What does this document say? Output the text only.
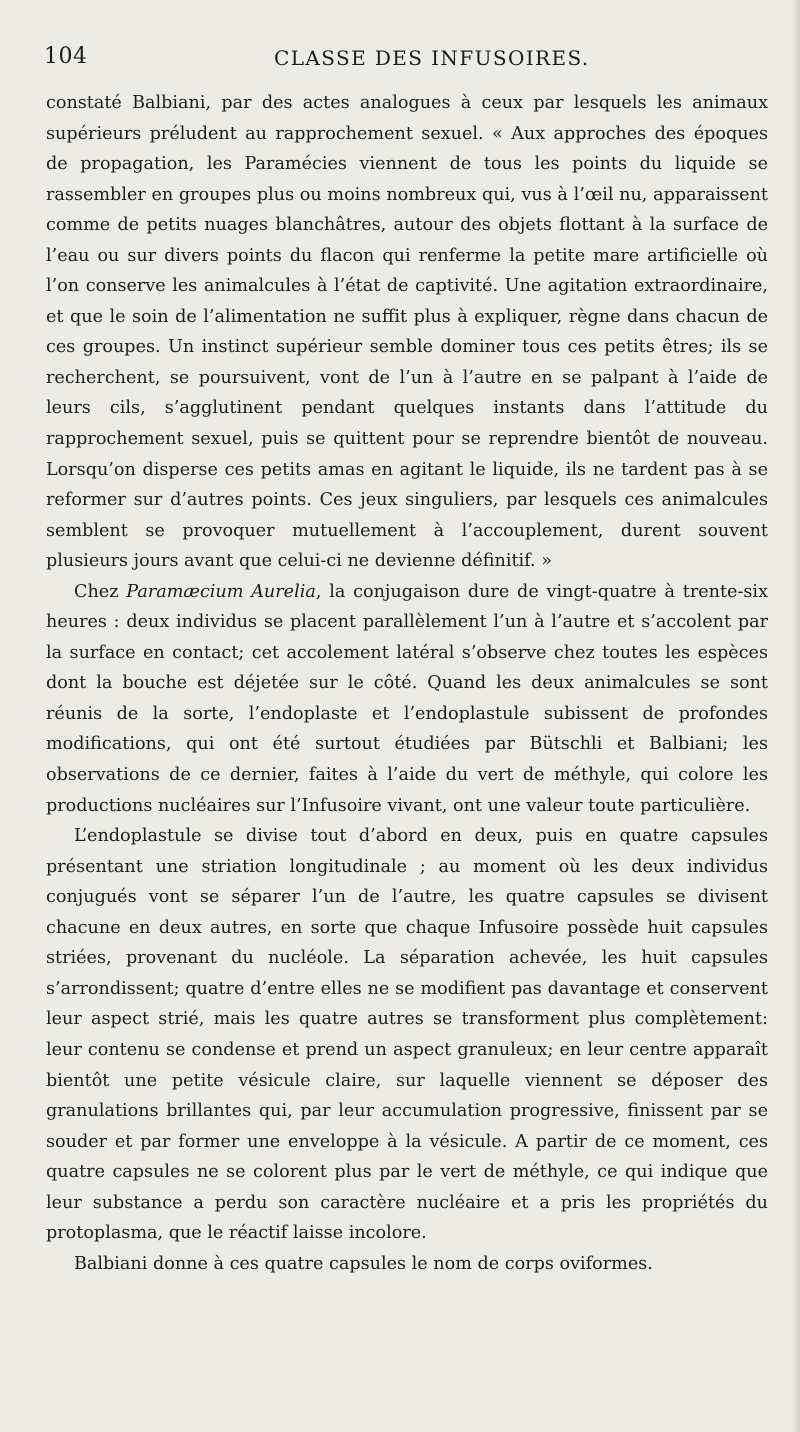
104	CLASSE DES INFUSOIRES.

constaté Balbiani, par des actes analogues à ceux par lesquels les animaux supérieurs préludent au rapprochement sexuel. « Aux approches des époques de propagation, les Paramécies viennent de tous les points du liquide se rassembler en groupes plus ou moins nombreux qui, vus à l’œil nu, apparaissent comme de petits nuages blanchâtres, autour des objets flottant à la surface de l’eau ou sur divers points du flacon qui renferme la petite mare artificielle où l’on conserve les animalcules à l’état de captivité. Une agitation extraordinaire, et que le soin de l’alimentation ne suffit plus à expliquer, règne dans chacun de ces groupes. Un instinct supérieur semble dominer tous ces petits êtres; ils se recherchent, se poursuivent, vont de l’un à l’autre en se palpant à l’aide de leurs cils, s’agglutinent pendant quelques instants dans l’attitude du rapprochement sexuel, puis se quittent pour se reprendre bientôt de nouveau. Lorsqu’on disperse ces petits amas en agitant le liquide, ils ne tardent pas à se reformer sur d’autres points. Ces jeux singuliers, par lesquels ces animalcules semblent se provoquer mutuellement à l’accouplement, durent souvent plusieurs jours avant que celui-ci ne devienne définitif. »

Chez Paramæcium Aurelia, la conjugaison dure de vingt-quatre à trente-six heures : deux individus se placent parallèlement l’un à l’autre et s’accolent par la surface en contact; cet accolement latéral s’observe chez toutes les espèces dont la bouche est déjetée sur le côté. Quand les deux animalcules se sont réunis de la sorte, l’endoplaste et l’endoplastule subissent de profondes modifications, qui ont été surtout étudiées par Bütschli et Balbiani; les observations de ce dernier, faites à l’aide du vert de méthyle, qui colore les productions nucléaires sur l’Infusoire vivant, ont une valeur toute particulière.

L’endoplastule se divise tout d’abord en deux, puis en quatre capsules présentant une striation longitudinale ; au moment où les deux individus conjugués vont se séparer l’un de l’autre, les quatre capsules se divisent chacune en deux autres, en sorte que chaque Infusoire possède huit capsules striées, provenant du nucléole. La séparation achevée, les huit capsules s’arrondissent; quatre d’entre elles ne se modifient pas davantage et conservent leur aspect strié, mais les quatre autres se transforment plus complètement: leur contenu se condense et prend un aspect granuleux; en leur centre apparaît bientôt une petite vésicule claire, sur laquelle viennent se déposer des granulations brillantes qui, par leur accumulation progressive, finissent par se souder et par former une enveloppe à la vésicule. A partir de ce moment, ces quatre capsules ne se colorent plus par le vert de méthyle, ce qui indique que leur substance a perdu son caractère nucléaire et a pris les propriétés du protoplasma, que le réactif laisse incolore.

Balbiani donne à ces quatre capsules le nom de corps oviformes.
